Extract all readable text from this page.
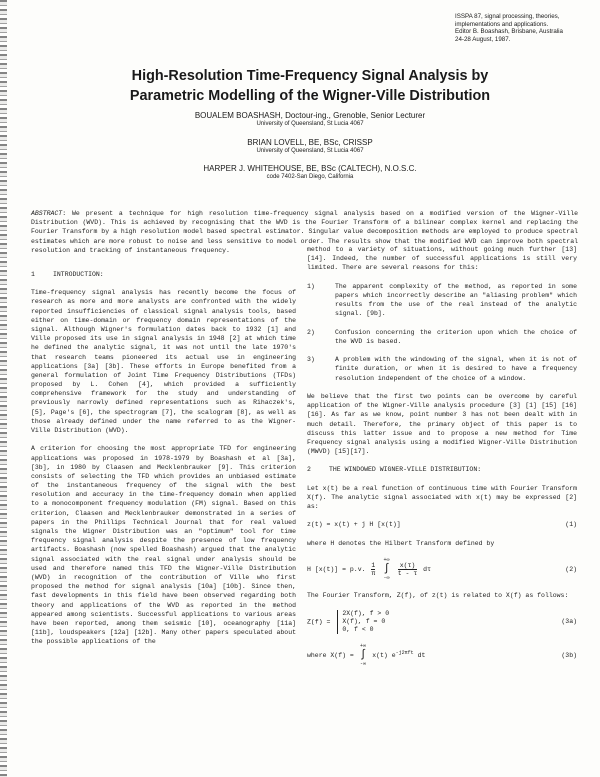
ISSPA 87, signal processing, theories,
implementations and applications.
Editor B. Boashash, Brisbane, Australia
24-28 August, 1987.
High-Resolution Time-Frequency Signal Analysis by
Parametric Modelling of the Wigner-Ville Distribution
BOUALEM BOASHASH, Doctour-ing., Grenoble, Senior Lecturer
University of Queensland, St Lucia 4067
BRIAN LOVELL, BE, BSc, CRISSP
University of Queensland, St Lucia 4067
HARPER J. WHITEHOUSE, BE, BSc (CALTECH), N.O.S.C.
code 7402-San Diego, California
ABSTRACT: We present a technique for high resolution time-frequency signal analysis based on a modified version of the Wigner-Ville Distribution (WVD). This is achieved by recognising that the WVD is the Fourier Transform of a bilinear complex kernel and replacing the Fourier Transform by a high resolution model based spectral estimator. Singular value decomposition methods are employed to produce spectral estimates which are more robust to noise and less sensitive to model order. The results show that the modified WVD can improve both spectral resolution and tracking of instantaneous frequency.
1	INTRODUCTION:

Time-frequency signal analysis has recently become the focus of research as more and more analysts are confronted with the widely reported insufficiencies of classical signal analysis tools, based either on time-domain or frequency domain representations of the signal. Although Wigner's formulation dates back to 1932 [1] and Ville proposed its use in signal analysis in 1948 [2] at which time he defined the analytic signal, it was not until the late 1970's that research teams pioneered its actual use in engineering applications [3a] [3b]. These efforts in Europe benefited from a general formulation of Joint Time Frequency Distributions (TFDs) proposed by L. Cohen [4], which provided a sufficiently comprehensive framework for the study and understanding of previously narrowly defined representations such as Rihaczek's, [5], Page's [6], the spectrogram [7], the scalogram [8], as well as those already defined under the name referred to as the Wigner-Ville Distribution (WVD).

A criterion for choosing the most appropriate TFD for engineering applications was proposed in 1978-1979 by Boashash et al [3a], [3b], in 1980 by Claasen and Mecklenbrauker [9]. This criterion consists of selecting the TFD which provides an unbiased estimate of the instantaneous frequency of the signal with the best resolution and accuracy in the time-frequency domain when applied to a monocomponent frequency modulation (FM) signal. Based on this criterion, Claasen and Mecklenbrauker demonstrated in a series of papers in the Phillips Technical Journal that for real valued signals the Wigner Distribution was an "optimum" tool for time frequency signal analysis despite the presence of low frequency artifacts. Boashash (now spelled Boashash) argued that the analytic signal associated with the real signal under analysis should be used and therefore named this TFD the Wigner-Ville Distribution (WVD) in recognition of the contribution of Ville who first proposed the method for signal analysis [10a] [10b]. Since then, fast developments in this field have been observed regarding both theory and applications of the WVD as reported in the method appeared among scientists. Successful applications to various areas have been reported, among them seismic [10], oceanography [11a] [11b], loudspeakers [12a] [12b]. Many other papers speculated about the possible applications of the

method to a variety of situations, without going much further [13] [14]. Indeed, the number of successful applications is still very limited. There are several reasons for this:

1)	The apparent complexity of the method, as reported in some papers which incorrectly describe an "aliasing problem" which results from the use of the real instead of the analytic signal. [9b].
2)	Confusion concerning the criterion upon which the choice of the WVD is based.
3)	A problem with the windowing of the signal, when it is not of finite duration, or when it is desired to have a frequency resolution independent of the choice of a window.

We believe that the first two points can be overcome by careful application of the Wigner-Ville analysis procedure [3] [1] [15] [16] [16]. As far as we know, point number 3 has not been dealt with in much detail. Therefore, the primary object of this paper is to discuss this latter issue and to propose a new method for Time Frequency signal analysis using a modified Wigner-Ville Distribution (MWVD) [15][17].

2	THE WINDOWED WIGNER-VILLE DISTRIBUTION:

Let x(t) be a real function of continuous time with Fourier Transform X(f). The analytic signal associated with x(t) may be expressed [2] as:

z(t) = x(t) + j H [x(t)]	(1)

where H denotes the Hilbert Transform defined by

H [x(t)] = p.v. $\frac{1}{\pi}$

+∞
∫
-∞

$\frac{x(\tau)}{t - \tau}$ dτ	(2)

The Fourier Transform, Z(f), of z(t) is related to X(f) as follows:

Z(f) =
2X(f), f > 0
X(f), f = 0
0, f < 0
(3a)
where X(f) =
+∞
∫
-∞
x(t) $e^{-j2\pi ft}$ dt	(3b)
